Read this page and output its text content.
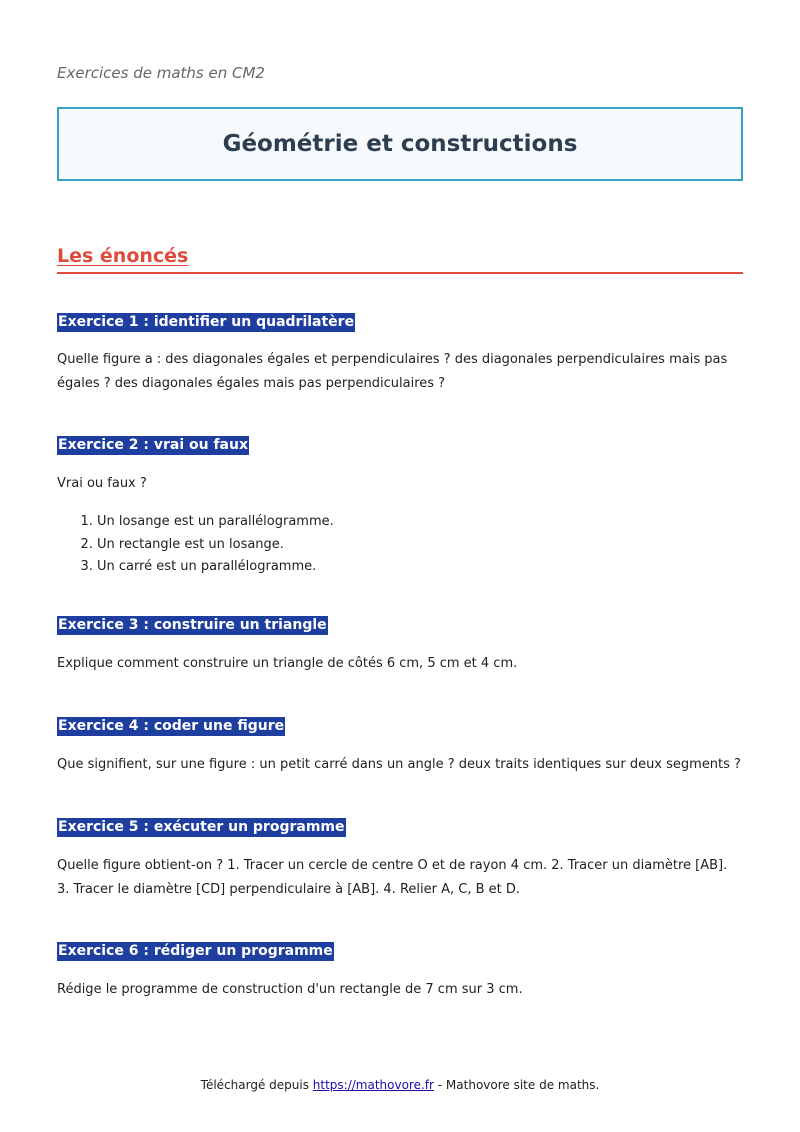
Exercices de maths en CM2
Géométrie et constructions
Les énoncés
Exercice 1 : identifier un quadrilatère

Quelle figure a : des diagonales égales et perpendiculaires ? des diagonales perpendiculaires mais pas égales ? des diagonales égales mais pas perpendiculaires ?

Exercice 2 : vrai ou faux

Vrai ou faux ?

1. Un losange est un parallélogramme.
2. Un rectangle est un losange.
3. Un carré est un parallélogramme.
Exercice 3 : construire un triangle

Explique comment construire un triangle de côtés 6 cm, 5 cm et 4 cm.

Exercice 4 : coder une figure

Que signifient, sur une figure : un petit carré dans un angle ? deux traits identiques sur deux segments ?

Exercice 5 : exécuter un programme

Quelle figure obtient-on ? 1. Tracer un cercle de centre O et de rayon 4 cm. 2. Tracer un diamètre [AB]. 3. Tracer le diamètre [CD] perpendiculaire à [AB]. 4. Relier A, C, B et D.

Exercice 6 : rédiger un programme

Rédige le programme de construction d'un rectangle de 7 cm sur 3 cm.

Téléchargé depuis https://mathovore.fr - Mathovore site de maths.
